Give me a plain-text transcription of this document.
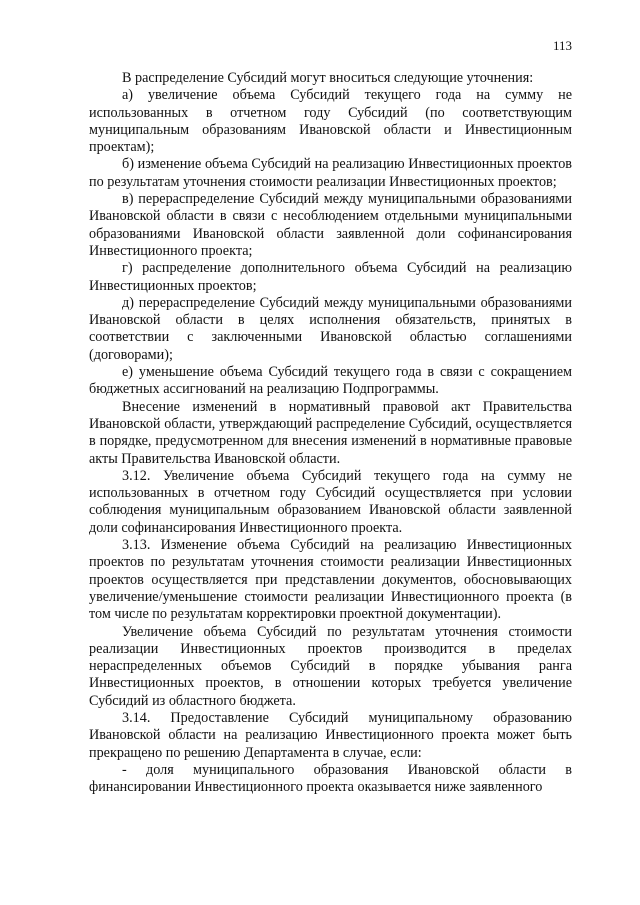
113

В распределение Субсидий могут вноситься следующие уточнения:

а) увеличение объема Субсидий текущего года на сумму не использованных в отчетном году Субсидий (по соответствующим муниципальным образованиям Ивановской области и Инвестиционным проектам);

б) изменение объема Субсидий на реализацию Инвестиционных проектов по результатам уточнения стоимости реализации Инвестиционных проектов;

в) перераспределение Субсидий между муниципальными образованиями Ивановской области в связи с несоблюдением отдельными муниципальными образованиями Ивановской области заявленной доли софинансирования Инвестиционного проекта;

г) распределение дополнительного объема Субсидий на реализацию Инвестиционных проектов;

д) перераспределение Субсидий между муниципальными образованиями Ивановской области в целях исполнения обязательств, принятых в соответствии с заключенными Ивановской областью соглашениями (договорами);

е) уменьшение объема Субсидий текущего года в связи с сокращением бюджетных ассигнований на реализацию Подпрограммы.

Внесение изменений в нормативный правовой акт Правительства Ивановской области, утверждающий распределение Субсидий, осуществляется в порядке, предусмотренном для внесения изменений в нормативные правовые акты Правительства Ивановской области.

3.12. Увеличение объема Субсидий текущего года на сумму не использованных в отчетном году Субсидий осуществляется при условии соблюдения муниципальным образованием Ивановской области заявленной доли софинансирования Инвестиционного проекта.

3.13. Изменение объема Субсидий на реализацию Инвестиционных проектов по результатам уточнения стоимости реализации Инвестиционных проектов осуществляется при представлении документов, обосновывающих увеличение/уменьшение стоимости реализации Инвестиционного проекта (в том числе по результатам корректировки проектной документации).

Увеличение объема Субсидий по результатам уточнения стоимости реализации Инвестиционных проектов производится в пределах нераспределенных объемов Субсидий в порядке убывания ранга Инвестиционных проектов, в отношении которых требуется увеличение Субсидий из областного бюджета.

3.14. Предоставление Субсидий муниципальному образованию Ивановской области на реализацию Инвестиционного проекта может быть прекращено по решению Департамента в случае, если:

- доля муниципального образования Ивановской области в финансировании Инвестиционного проекта оказывается ниже заявленного
